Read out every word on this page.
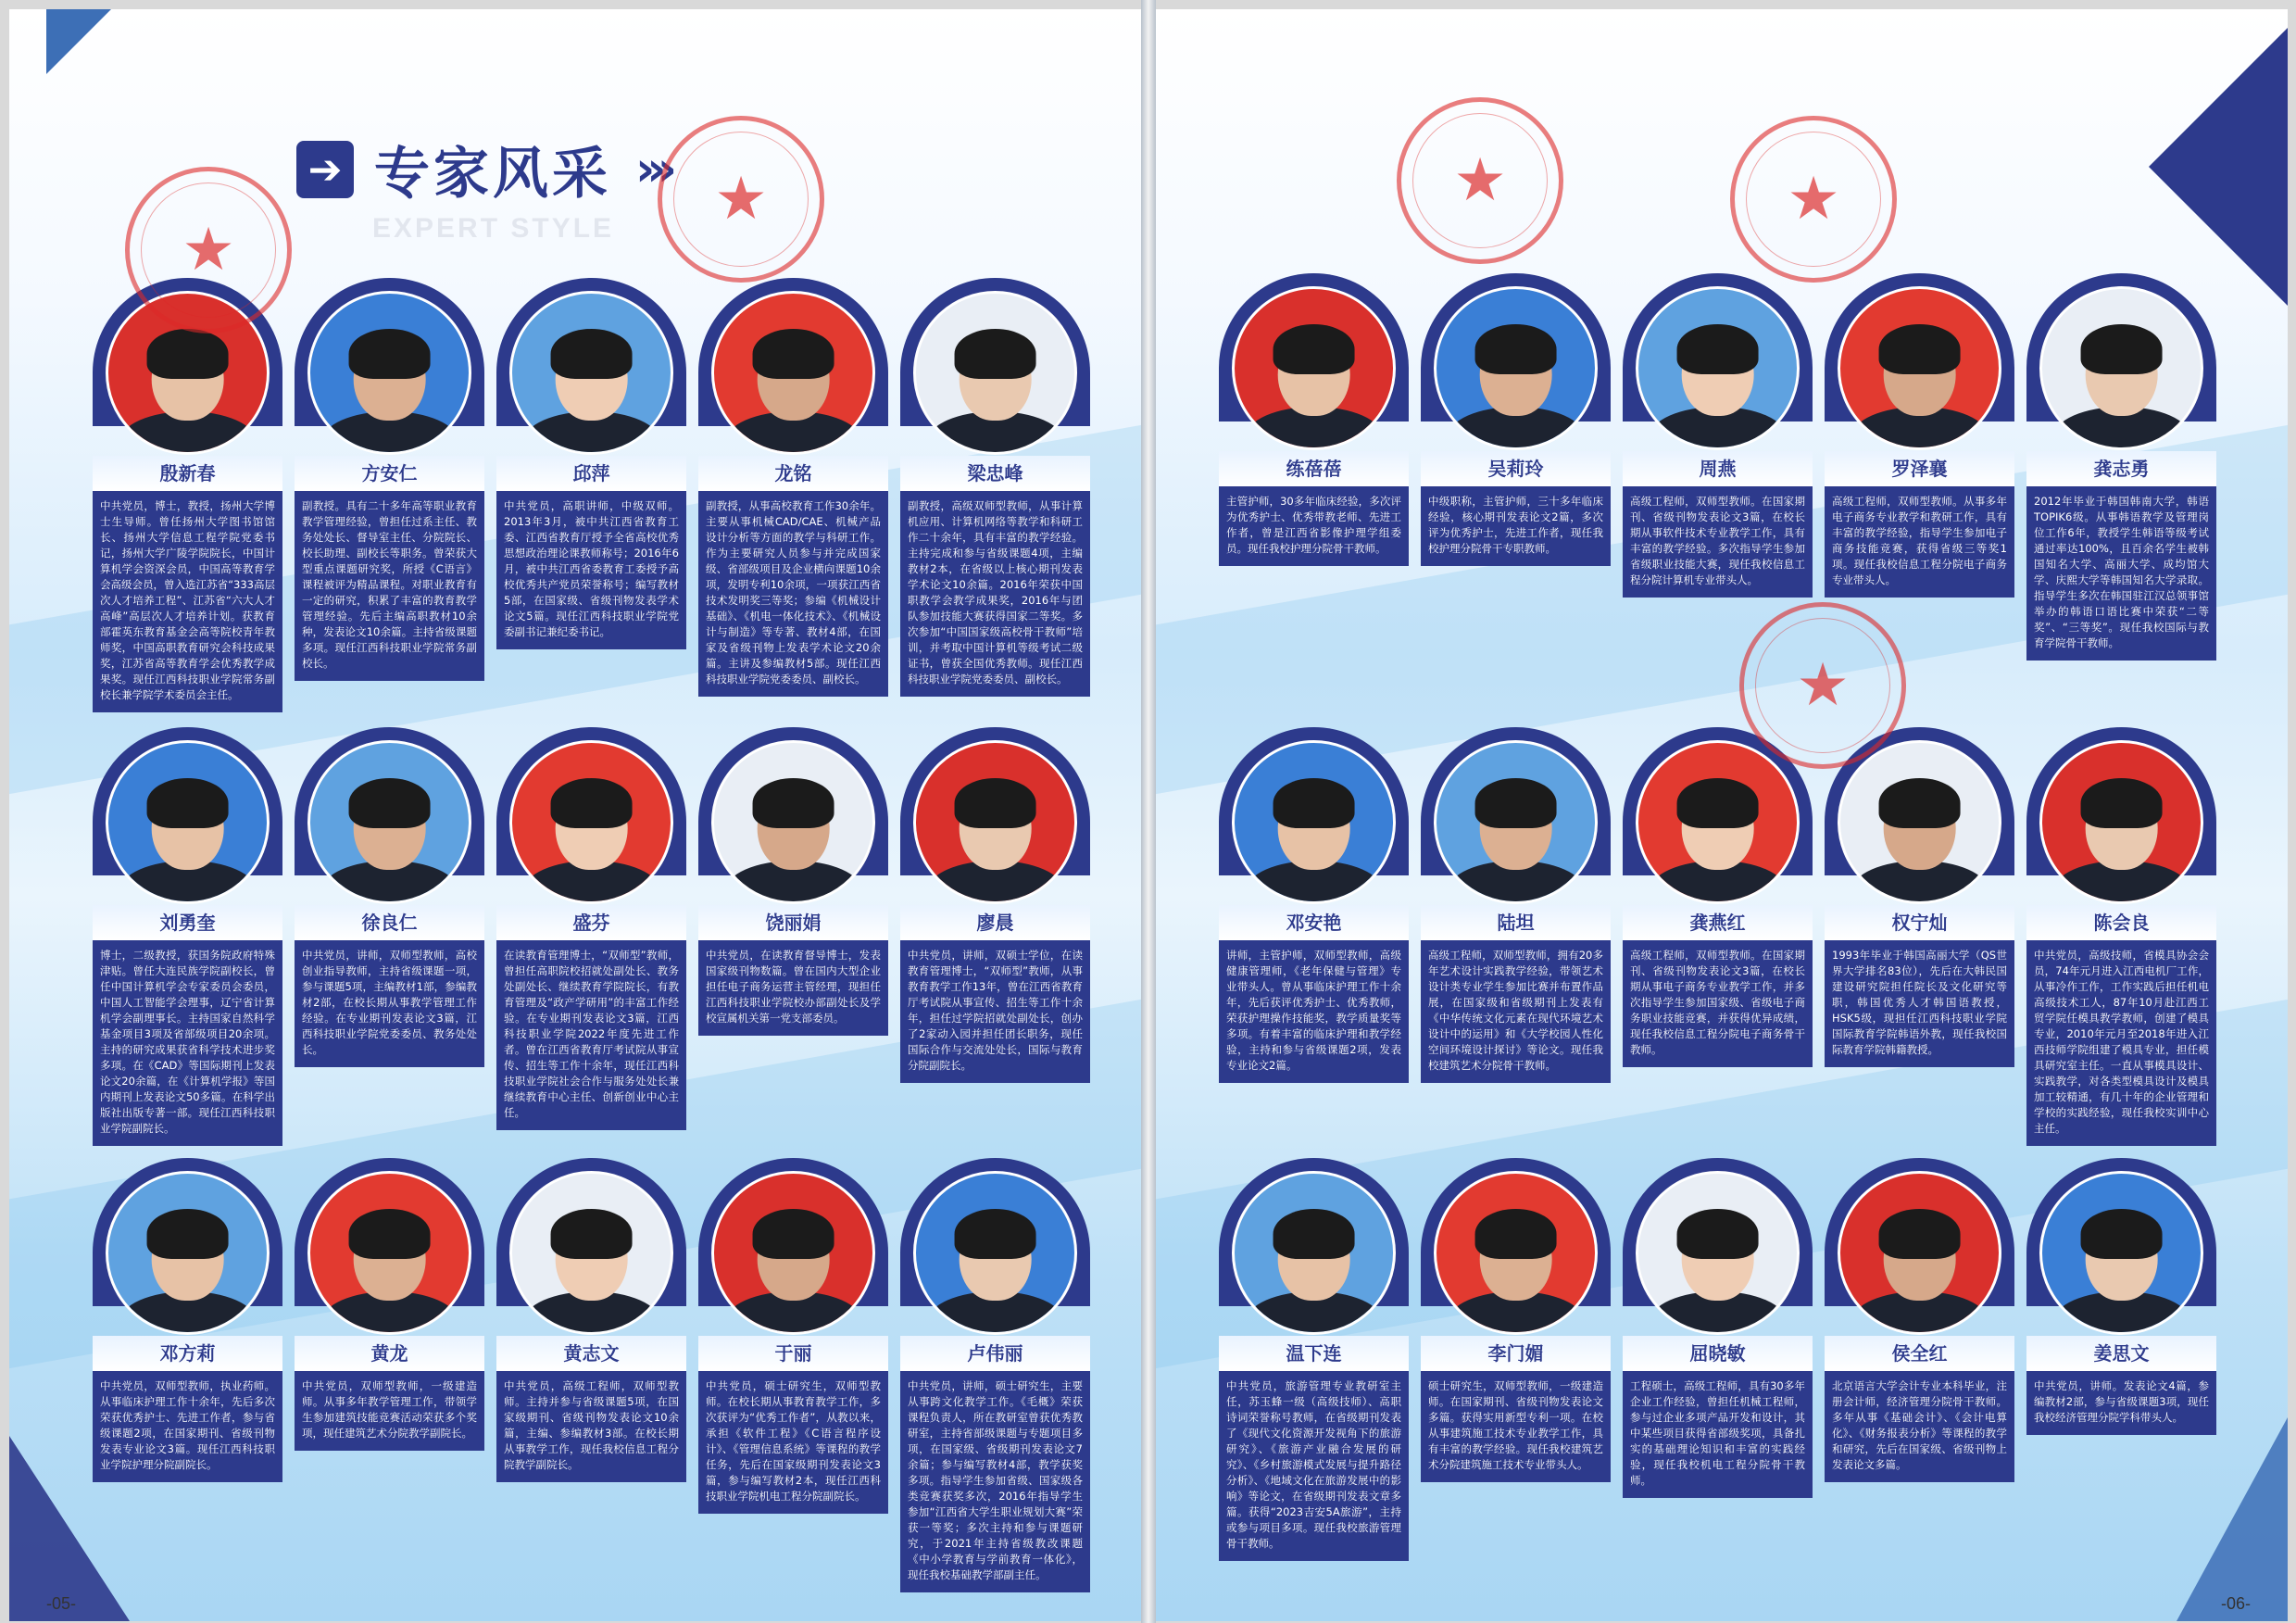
➔ 专家风采 »›
EXPERT STYLE
殷新春
中共党员，博士，教授，扬州大学博士生导师。曾任扬州大学图书馆馆长、扬州大学信息工程学院党委书记，扬州大学广陵学院院长，中国计算机学会资深会员，中国高等教育学会高级会员，曾入选江苏省“333高层次人才培养工程”、江苏省“六大人才高峰”高层次人才培养计划。获教育部霍英东教育基金会高等院校青年教师奖，中国高职教育研究会科技成果奖，江苏省高等教育学会优秀教学成果奖。现任江西科技职业学院常务副校长兼学院学术委员会主任。
方安仁
副教授。具有二十多年高等职业教育教学管理经验，曾担任过系主任、教务处处长、督导室主任、分院院长、校长助理、副校长等职务。曾荣获大型重点课题研究奖，所授《C语言》课程被评为精品课程。对职业教育有一定的研究，积累了丰富的教育教学管理经验。先后主编高职教材10余种，发表论文10余篇。主持省级课题多项。现任江西科技职业学院常务副校长。
邱萍
中共党员，高职讲师，中级双师。2013年3月，被中共江西省教育工委、江西省教育厅授予全省高校优秀思想政治理论课教师称号；2016年6月，被中共江西省委教育工委授予高校优秀共产党员荣誉称号；编写教材5部，在国家级、省级刊物发表学术论文5篇。现任江西科技职业学院党委副书记兼纪委书记。
龙铭
副教授，从事高校教育工作30余年。主要从事机械CAD/CAE、机械产品设计分析等方面的教学与科研工作。作为主要研究人员参与并完成国家级、省部级项目及企业横向课题10余项，发明专利10余项，一项获江西省技术发明奖三等奖；参编《机械设计基础》、《机电一体化技术》、《机械设计与制造》等专著、教材4部，在国家及省级刊物上发表学术论文20余篇。主讲及参编教材5部。现任江西科技职业学院党委委员、副校长。
梁忠峰
副教授，高级双师型教师，从事计算机应用、计算机网络等教学和科研工作二十余年，具有丰富的教学经验。主持完成和参与省级课题4项，主编教材2本，在省级以上核心期刊发表学术论文10余篇。2016年荣获中国职教学会教学成果奖，2016年与团队参加技能大赛获得国家二等奖。多次参加“中国国家级高校骨干教师”培训，并考取中国计算机等级考试二级证书，曾获全国优秀教师。现任江西科技职业学院党委委员、副校长。
刘勇奎
博士，二级教授，获国务院政府特殊津贴。曾任大连民族学院副校长，曾任中国计算机学会专家委员会委员，中国人工智能学会理事，辽宁省计算机学会副理事长。主持国家自然科学基金项目3项及省部级项目20余项。主持的研究成果获省科学技术进步奖多项。在《CAD》等国际期刊上发表论文20余篇，在《计算机学报》等国内期刊上发表论文50多篇。在科学出版社出版专著一部。现任江西科技职业学院副院长。
徐良仁
中共党员，讲师，双师型教师，高校创业指导教师，主持省级课题一项，参与课题5项，主编教材1部，参编教材2部，在校长期从事教学管理工作经验。在专业期刊发表论文3篇，江西科技职业学院党委委员、教务处处长。
盛芬
在读教育管理博士，“双师型”教师，曾担任高职院校招就处副处长、教务处副处长、继续教育学院院长，有教育管理及“政产学研用”的丰富工作经验。在专业期刊发表论文3篇，江西科技职业学院2022年度先进工作者。曾在江西省教育厅考试院从事宣传、招生等工作十余年，现任江西科技职业学院社会合作与服务处处长兼继续教育中心主任、创新创业中心主任。
饶丽娟
中共党员，在读教育督导博士，发表国家级刊物数篇。曾在国内大型企业担任电子商务运营主管经理，现担任江西科技职业学院校办部副处长及学校宣属机关第一党支部委员。
廖晨
中共党员，讲师，双硕士学位，在读教育管理博士，“双师型”教师，从事教育教学工作13年，曾在江西省教育厅考试院从事宣传、招生等工作十余年，担任过学院招就处副处长，创办了2家动入园并担任团长职务，现任国际合作与交流处处长，国际与教育分院副院长。
邓方莉
中共党员，双师型教师，执业药师。从事临床护理工作十余年，先后多次荣获优秀护士、先进工作者，参与省级课题2项，在国家期刊、省级刊物发表专业论文3篇。现任江西科技职业学院护理分院副院长。
黄龙
中共党员，双师型教师，一级建造师。从事多年教学管理工作，带领学生参加建筑技能竞赛活动荣获多个奖项，现任建筑艺术分院教学副院长。
黄志文
中共党员，高级工程师，双师型教师。主持并参与省级课题5项，在国家级期刊、省级刊物发表论文10余篇，主编、参编教材3部。在校长期从事教学工作，现任我校信息工程分院教学副院长。
于丽
中共党员，硕士研究生，双师型教师。在校长期从事教育教学工作，多次获评为“优秀工作者”，从教以来，承担《软件工程》《C语言程序设计》、《管理信息系统》等课程的教学任务，先后在国家级期刊发表论文3篇，参与编写教材2本，现任江西科技职业学院机电工程分院副院长。
卢伟丽
中共党员，讲师，硕士研究生，主要从事跨文化教学工作。《毛概》荣获课程负责人，所在教研室曾获优秀教研室，主持省部级课题与专题项目多项，在国家级、省级期刊发表论文7余篇；参与编写教材4部，教学获奖多项。指导学生参加省级、国家级各类竞赛获奖多次，2016年指导学生参加“江西省大学生职业规划大赛”荣获一等奖；多次主持和参与课题研究，于2021年主持省级教改课题《中小学教育与学前教育一体化》，现任我校基础教学部副主任。
★
★
-05-
练蓓蓓
主管护师，30多年临床经验，多次评为优秀护士、优秀带教老师、先进工作者，曾是江西省影像护理学组委员。现任我校护理分院骨干教师。
吴莉玲
中级职称，主管护师，三十多年临床经验，核心期刊发表论文2篇，多次评为优秀护士，先进工作者，现任我校护理分院骨干专职教师。
周燕
高级工程师，双师型教师。在国家期刊、省级刊物发表论文3篇，在校长期从事软件技术专业教学工作，具有丰富的教学经验。多次指导学生参加省级职业技能大赛，现任我校信息工程分院计算机专业带头人。
罗泽襄
高级工程师，双师型教师。从事多年电子商务专业教学和教研工作，具有丰富的教学经验，指导学生参加电子商务技能竞赛，获得省级三等奖1项。现任我校信息工程分院电子商务专业带头人。
龚志勇
2012年毕业于韩国韩南大学，韩语TOPIK6级。从事韩语教学及管理岗位工作6年，教授学生韩语等级考试通过率达100%，且百余名学生被韩国知名大学、高丽大学、成均馆大学、庆熙大学等韩国知名大学录取。指导学生多次在韩国驻江汉总领事馆举办的韩语口语比赛中荣获“二等奖”、“三等奖”。现任我校国际与教育学院骨干教师。
邓安艳
讲师，主管护师，双师型教师，高级健康管理师，《老年保健与管理》专业带头人。曾从事临床护理工作十余年，先后获评优秀护士、优秀教师，荣获护理操作技能奖，教学质量奖等多项。有着丰富的临床护理和教学经验，主持和参与省级课题2项，发表专业论文2篇。
陆坦
高级工程师，双师型教师，拥有20多年艺术设计实践教学经验，带领艺术设计类专业学生参加比赛并布置作品展，在国家级和省级期刊上发表有《中华传统文化元素在现代环境艺术设计中的运用》和《大学校园人性化空间环境设计探讨》等论文。现任我校建筑艺术分院骨干教师。
龚燕红
高级工程师，双师型教师。在国家期刊、省级刊物发表论文3篇，在校长期从事电子商务专业教学工作，并多次指导学生参加国家级、省级电子商务职业技能竞赛，并获得优异成绩，现任我校信息工程分院电子商务骨干教师。
权宁灿
1993年毕业于韩国高丽大学（QS世界大学排名83位），先后在大韩民国建设研究院担任院长及文化研究等职，韩国优秀人才韩国语教授，HSK5级，现担任江西科技职业学院国际教育学院韩语外教，现任我校国际教育学院韩籍教授。
陈会良
中共党员，高级技师，省模具协会会员，74年元月进入江西电机厂工作，从事冷作工作，工作实践后担任机电高级技术工人，87年10月赴江西工贸学院任模具教学教师，创建了模具专业，2010年元月至2018年进入江西技师学院组建了模具专业，担任模具研究室主任。一直从事模具设计、实践教学，对各类型模具设计及模具加工较精通，有几十年的企业管理和学校的实践经验，现任我校实训中心主任。
温下连
中共党员，旅游管理专业教研室主任，苏玉蜂一级（高级技师）、高职诗词荣誉称号教师，在省级期刊发表了《现代文化资源开发视角下的旅游研究》、《旅游产业融合发展的研究》、《乡村旅游模式发展与提升路径分析》、《地域文化在旅游发展中的影响》等论文，在省级期刊发表文章多篇。获得“2023吉安5A旅游”，主持或参与项目多项。现任我校旅游管理骨干教师。
李门媚
硕士研究生，双师型教师，一级建造师。在国家期刊、省级刊物发表论文多篇。获得实用新型专利一项。在校从事建筑施工技术专业教学工作，具有丰富的教学经验。现任我校建筑艺术分院建筑施工技术专业带头人。
屈晓敏
工程硕士，高级工程师，具有30多年企业工作经验，曾担任机械工程师，参与过企业多项产品开发和设计，其中某些项目获得省部级奖项，具备扎实的基础理论知识和丰富的实践经验，现任我校机电工程分院骨干教师。
侯全红
北京语言大学会计专业本科毕业，注册会计师，经济管理分院骨干教师。多年从事《基础会计》、《会计电算化》、《财务报表分析》等课程的教学和研究，先后在国家级、省级刊物上发表论文多篇。
姜思文
中共党员，讲师。发表论文4篇，参编教材2部，参与省级课题3项，现任我校经济管理分院学科带头人。
★	★
★
-06-
